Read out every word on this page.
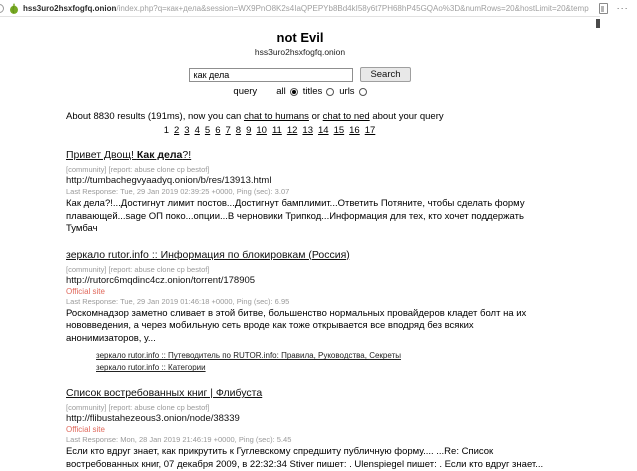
hss3uro2hsxfogfq.onion/index.php?q=как+дела&session=WX9PnO8K2s4IaQPEPYb8Bd4kI58y6t7PH68hP45GQAo%3D&numRows=20&hostLimit=20&temp	···
not Evil
hss3uro2hsxfogfq.onion
как дела
Search
query all titles urls
About 8830 results (191ms), now you can chat to humans or chat to ned about your query
1 2 3 4 5 6 7 8 9 10 11 12 13 14 15 16 17
Привет Двощ! Как дела?!
[community] [report: abuse clone cp bestof]
http://tumbachegvyaadyq.onion/b/res/13913.html
Last Response: Tue, 29 Jan 2019 02:39:25 +0000, Ping (sec): 3.07
Как дела?!...Достигнут лимит постов...Достигнут бамплимит...Ответить Потяните, чтобы сделать форму плавающей...sage ОП поко...опции...В черновики Трипкод...Информация для тех, кто хочет поддержать Тумбач
зеркало rutor.info :: Информация по блокировкам (Россия)
[community] [report: abuse clone cp bestof]
http://rutorc6mqdinc4cz.onion/torrent/178905
Official site
Last Response: Tue, 29 Jan 2019 01:46:18 +0000, Ping (sec): 6.95
Роскомнадзор заметно сливает в этой битве, большенство нормальных провайдеров кладет болт на их нововведения, а через мобильную сеть вроде как тоже открывается все вподряд без всяких анонимизаторов, у...
зеркало rutor.info :: Путеводитель по RUTOR.info: Правила, Руководства, Секреты
зеркало rutor.info :: Категории
Список востребованных книг | Флибуста
[community] [report: abuse clone cp bestof]
http://flibustahezeous3.onion/node/38339
Official site
Last Response: Mon, 28 Jan 2019 21:46:19 +0000, Ping (sec): 5.45
Если кто вдруг знает, как прикрутить к Гуглевскому спредшиту публичную форму.... ...Re: Список востребованных книг, 07 декабря 2009, в 22:32:34 Stiver пишет: . Ulenspiegel пишет: . Если кто вдруг знает...
